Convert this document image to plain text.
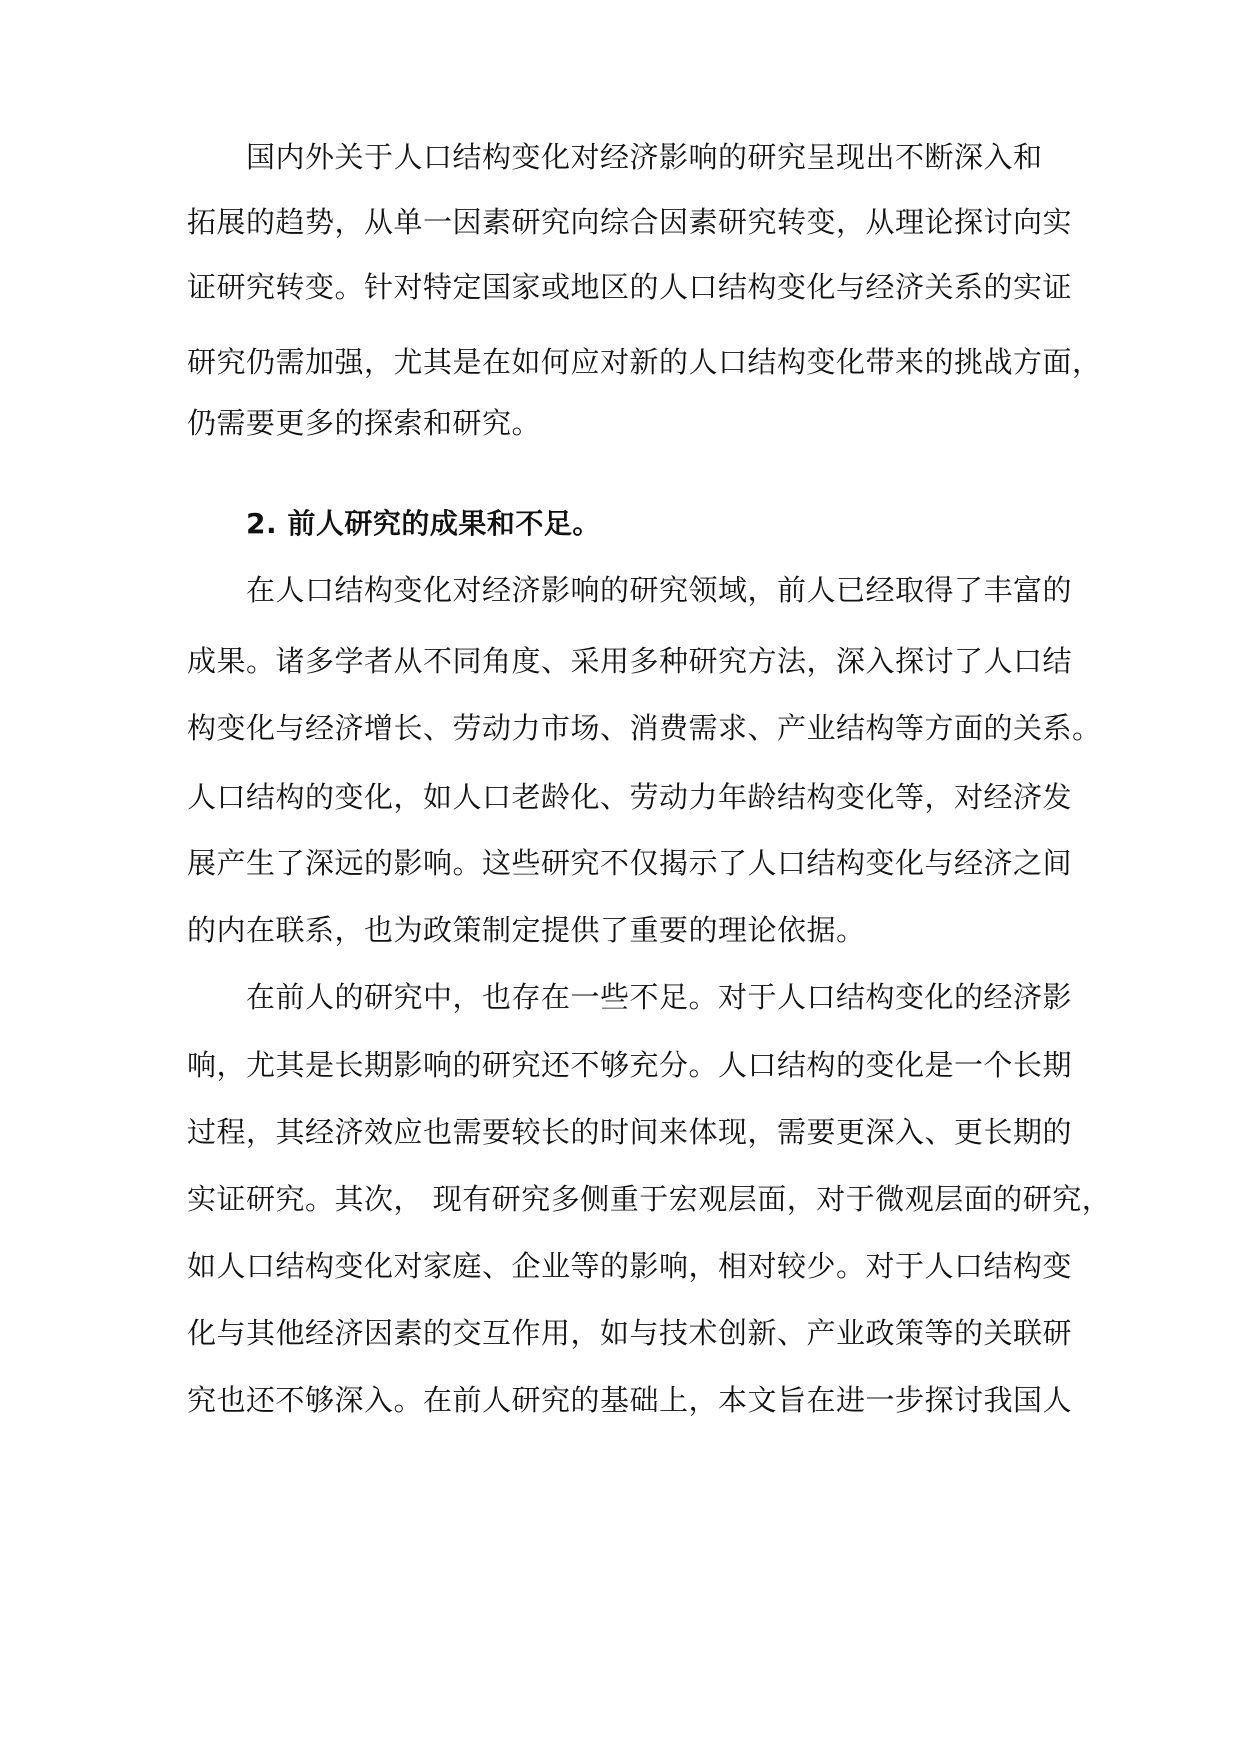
国内外关于人口结构变化对经济影响的研究呈现出不断深入和
拓展的趋势，从单一因素研究向综合因素研究转变，从理论探讨向实
证研究转变。针对特定国家或地区的人口结构变化与经济关系的实证
研究仍需加强，尤其是在如何应对新的人口结构变化带来的挑战方面，
仍需要更多的探索和研究。
2. 前人研究的成果和不足。
在人口结构变化对经济影响的研究领域，前人已经取得了丰富的
成果。诸多学者从不同角度、采用多种研究方法，深入探讨了人口结
构变化与经济增长、劳动力市场、消费需求、产业结构等方面的关系。
人口结构的变化，如人口老龄化、劳动力年龄结构变化等，对经济发
展产生了深远的影响。这些研究不仅揭示了人口结构变化与经济之间
的内在联系，也为政策制定提供了重要的理论依据。
在前人的研究中，也存在一些不足。对于人口结构变化的经济影
响，尤其是长期影响的研究还不够充分。人口结构的变化是一个长期
过程，其经济效应也需要较长的时间来体现，需要更深入、更长期的
实证研究。其次， 现有研究多侧重于宏观层面，对于微观层面的研究，
如人口结构变化对家庭、企业等的影响，相对较少。对于人口结构变
化与其他经济因素的交互作用，如与技术创新、产业政策等的关联研
究也还不够深入。在前人研究的基础上，本文旨在进一步探讨我国人
